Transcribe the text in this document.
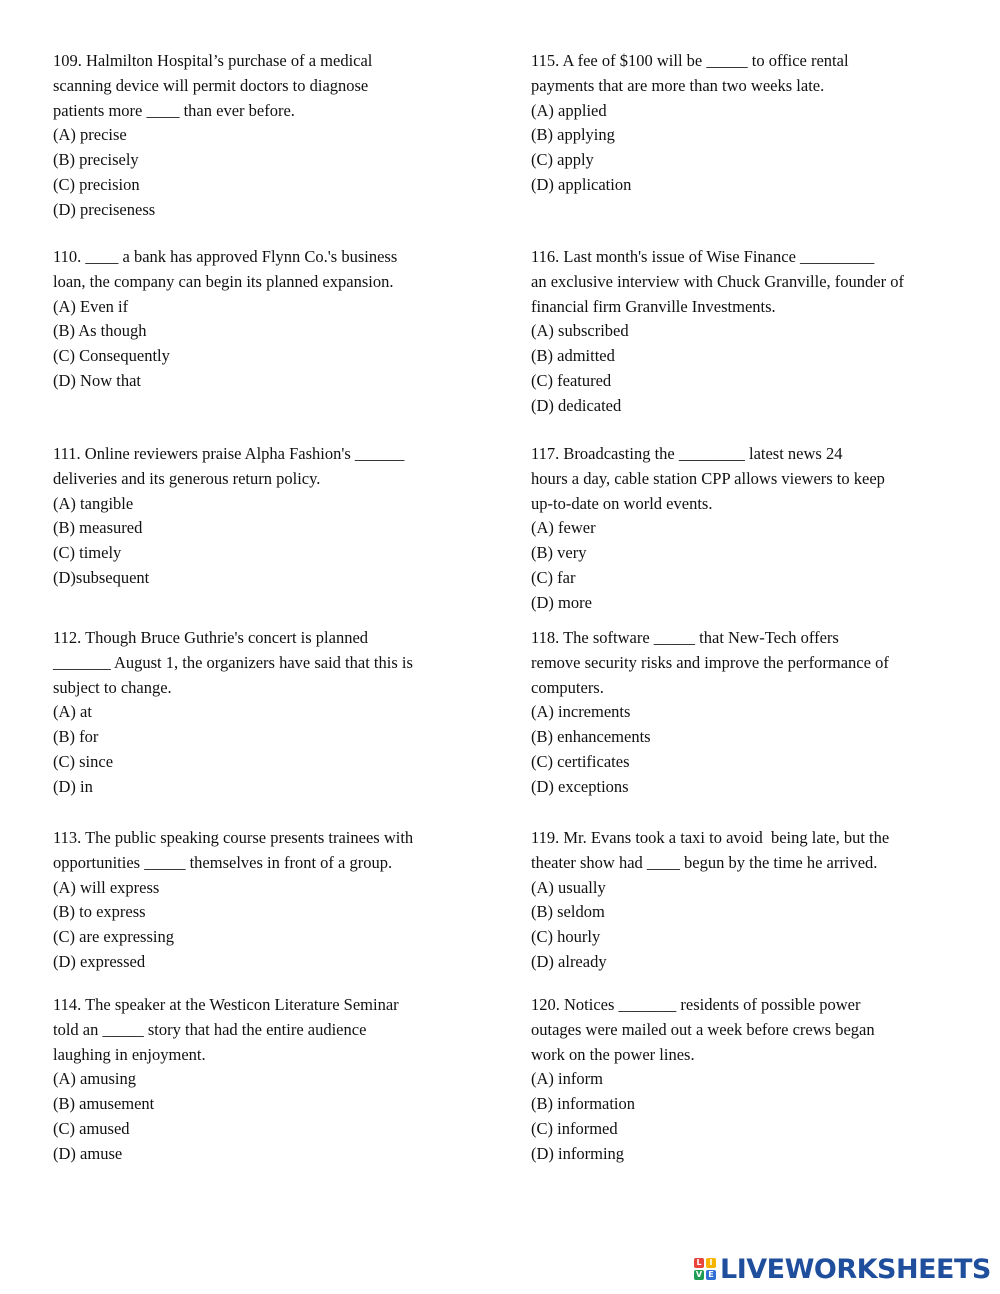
109. Halmilton Hospital’s purchase of a medical
scanning device will permit doctors to diagnose
patients more ____ than ever before.
(A) precise
(B) precisely
(C) precision
(D) preciseness
110. ____ a bank has approved Flynn Co.'s business
loan, the company can begin its planned expansion.
(A) Even if
(B) As though
(C) Consequently
(D) Now that
111. Online reviewers praise Alpha Fashion's ______
deliveries and its generous return policy.
(A) tangible
(B) measured
(C) timely
(D)subsequent
112. Though Bruce Guthrie's concert is planned
_______ August 1, the organizers have said that this is
subject to change.
(A) at
(B) for
(C) since
(D) in
113. The public speaking course presents trainees with
opportunities _____ themselves in front of a group.
(A) will express
(B) to express
(C) are expressing
(D) expressed
114. The speaker at the Westicon Literature Seminar
told an _____ story that had the entire audience
laughing in enjoyment.
(A) amusing
(B) amusement
(C) amused
(D) amuse
115. A fee of $100 will be _____ to office rental
payments that are more than two weeks late.
(A) applied
(B) applying
(C) apply
(D) application
116. Last month's issue of Wise Finance _________
an exclusive interview with Chuck Granville, founder of
financial firm Granville Investments.
(A) subscribed
(B) admitted
(C) featured
(D) dedicated
117. Broadcasting the ________ latest news 24
hours a day, cable station CPP allows viewers to keep
up-to-date on world events.
(A) fewer
(B) very
(C) far
(D) more
118. The software _____ that New-Tech offers
remove security risks and improve the performance of
computers.
(A) increments
(B) enhancements
(C) certificates
(D) exceptions
119. Mr. Evans took a taxi to avoid  being late, but the
theater show had ____ begun by the time he arrived.
(A) usually
(B) seldom
(C) hourly
(D) already
120. Notices _______ residents of possible power
outages were mailed out a week before crews began
work on the power lines.
(A) inform
(B) information
(C) informed
(D) informing
L I
V E LIVEWORKSHEETS
